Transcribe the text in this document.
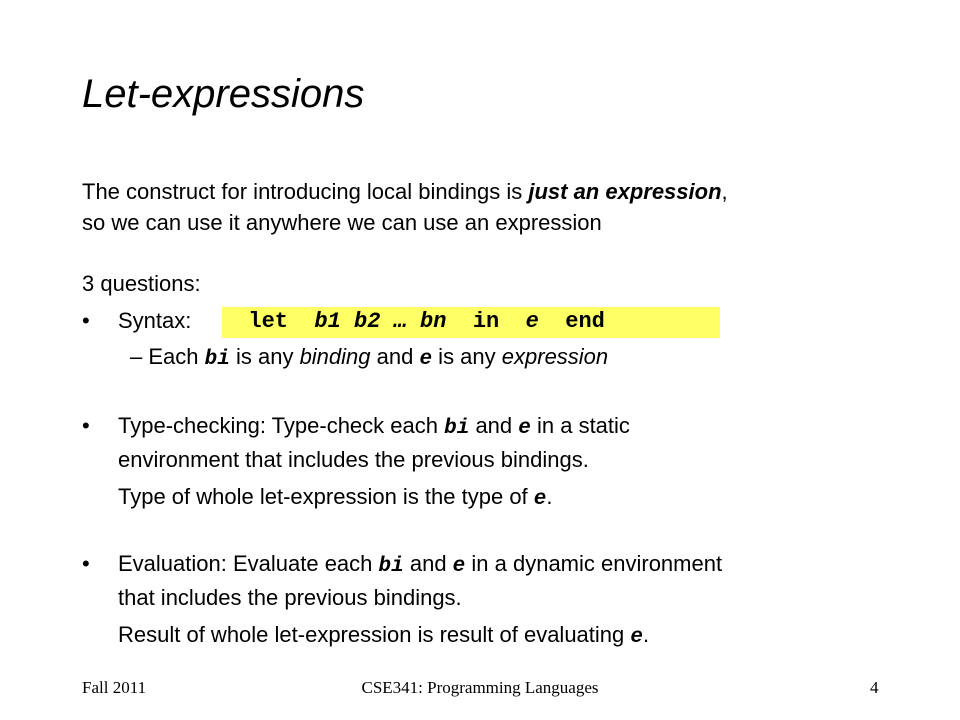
Let-expressions
The construct for introducing local bindings is just an expression,
so we can use it anywhere we can use an expression
3 questions:
• Syntax:	let b1 b2 … bn in e end
– Each bi is any binding and e is any expression
• Type-checking: Type-check each bi and e in a static
environment that includes the previous bindings.
Type of whole let-expression is the type of e.
• Evaluation: Evaluate each bi and e in a dynamic environment
that includes the previous bindings.
Result of whole let-expression is result of evaluating e.
Fall 2011	CSE341: Programming Languages	4
